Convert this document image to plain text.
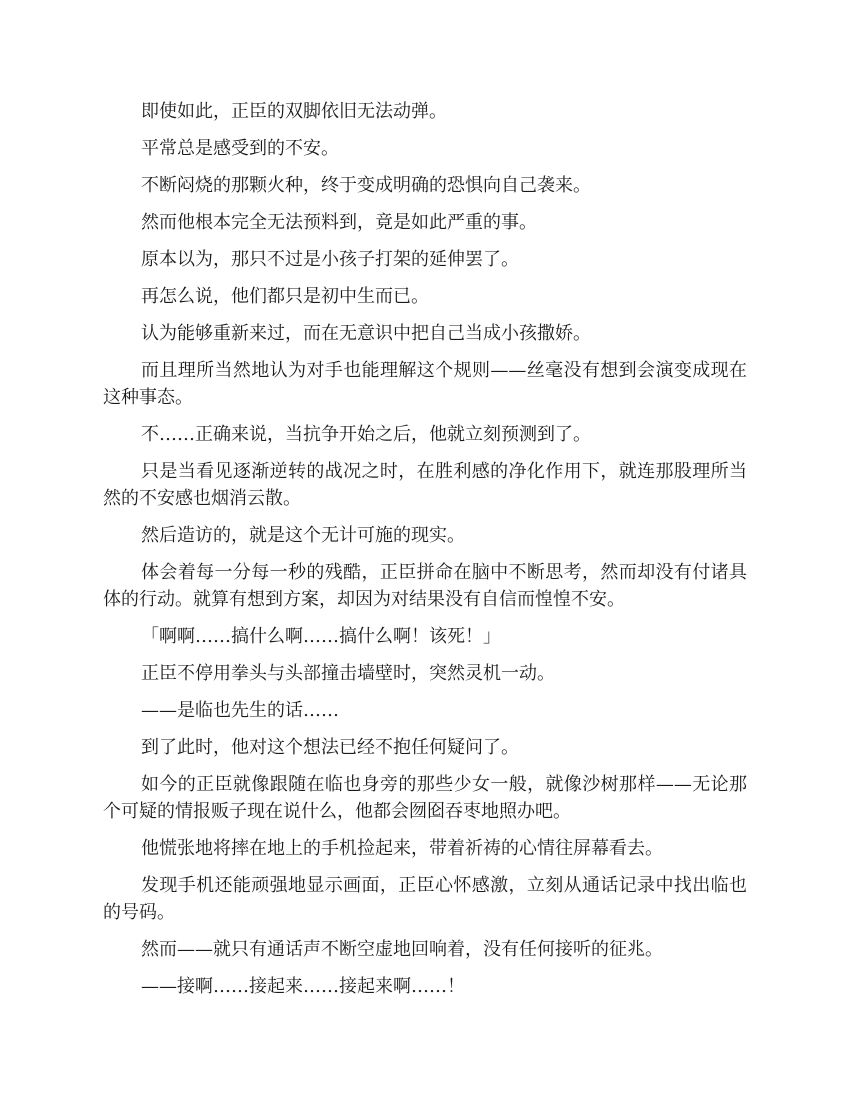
即使如此，正臣的双脚依旧无法动弹。

平常总是感受到的不安。

不断闷烧的那颗火种，终于变成明确的恐惧向自己袭来。

然而他根本完全无法预料到，竟是如此严重的事。

原本以为，那只不过是小孩子打架的延伸罢了。

再怎么说，他们都只是初中生而已。

认为能够重新来过，而在无意识中把自己当成小孩撒娇。

而且理所当然地认为对手也能理解这个规则——丝毫没有想到会演变成现在这种事态。

不……正确来说，当抗争开始之后，他就立刻预测到了。

只是当看见逐渐逆转的战况之时，在胜利感的净化作用下，就连那股理所当然的不安感也烟消云散。

然后造访的，就是这个无计可施的现实。

体会着每一分每一秒的残酷，正臣拼命在脑中不断思考，然而却没有付诸具体的行动。就算有想到方案，却因为对结果没有自信而惶惶不安。

「啊啊……搞什么啊……搞什么啊！该死！」

正臣不停用拳头与头部撞击墙壁时，突然灵机一动。

——是临也先生的话……

到了此时，他对这个想法已经不抱任何疑问了。

如今的正臣就像跟随在临也身旁的那些少女一般，就像沙树那样——无论那个可疑的情报贩子现在说什么，他都会囫囵吞枣地照办吧。

他慌张地将摔在地上的手机捡起来，带着祈祷的心情往屏幕看去。

发现手机还能顽强地显示画面，正臣心怀感激，立刻从通话记录中找出临也的号码。

然而——就只有通话声不断空虚地回响着，没有任何接听的征兆。

——接啊……接起来……接起来啊……！
